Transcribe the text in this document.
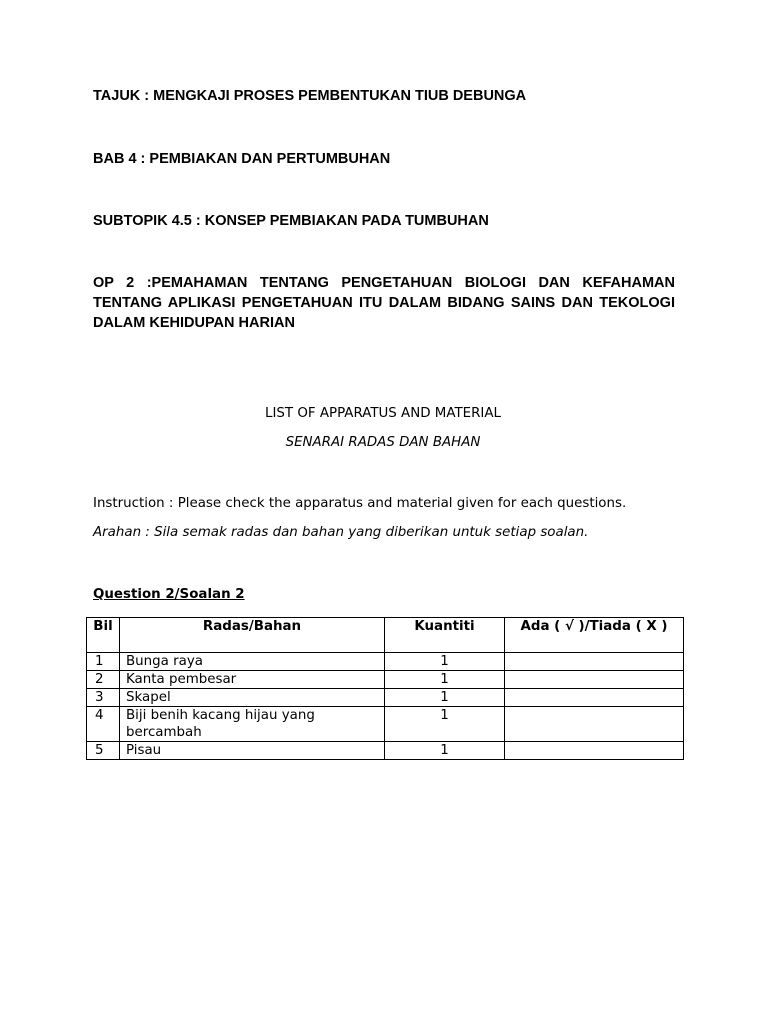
TAJUK : MENGKAJI PROSES PEMBENTUKAN TIUB DEBUNGA

BAB 4 : PEMBIAKAN DAN PERTUMBUHAN

SUBTOPIK 4.5 : KONSEP PEMBIAKAN PADA TUMBUHAN

OP 2 :PEMAHAMAN TENTANG PENGETAHUAN BIOLOGI DAN KEFAHAMAN TENTANG APLIKASI PENGETAHUAN ITU DALAM BIDANG SAINS DAN TEKOLOGI DALAM KEHIDUPAN HARIAN

LIST OF APPARATUS AND MATERIAL

SENARAI RADAS DAN BAHAN

Instruction : Please check the apparatus and material given for each questions.

Arahan : Sila semak radas dan bahan yang diberikan untuk setiap soalan.

Question 2/Soalan 2

Bil	Radas/Bahan	Kuantiti	Ada ( √ )/Tiada ( X )
1	Bunga raya	1	
2	Kanta pembesar	1	
3	Skapel	1	
4	Biji benih kacang hijau yang bercambah	1	
5	Pisau	1	
